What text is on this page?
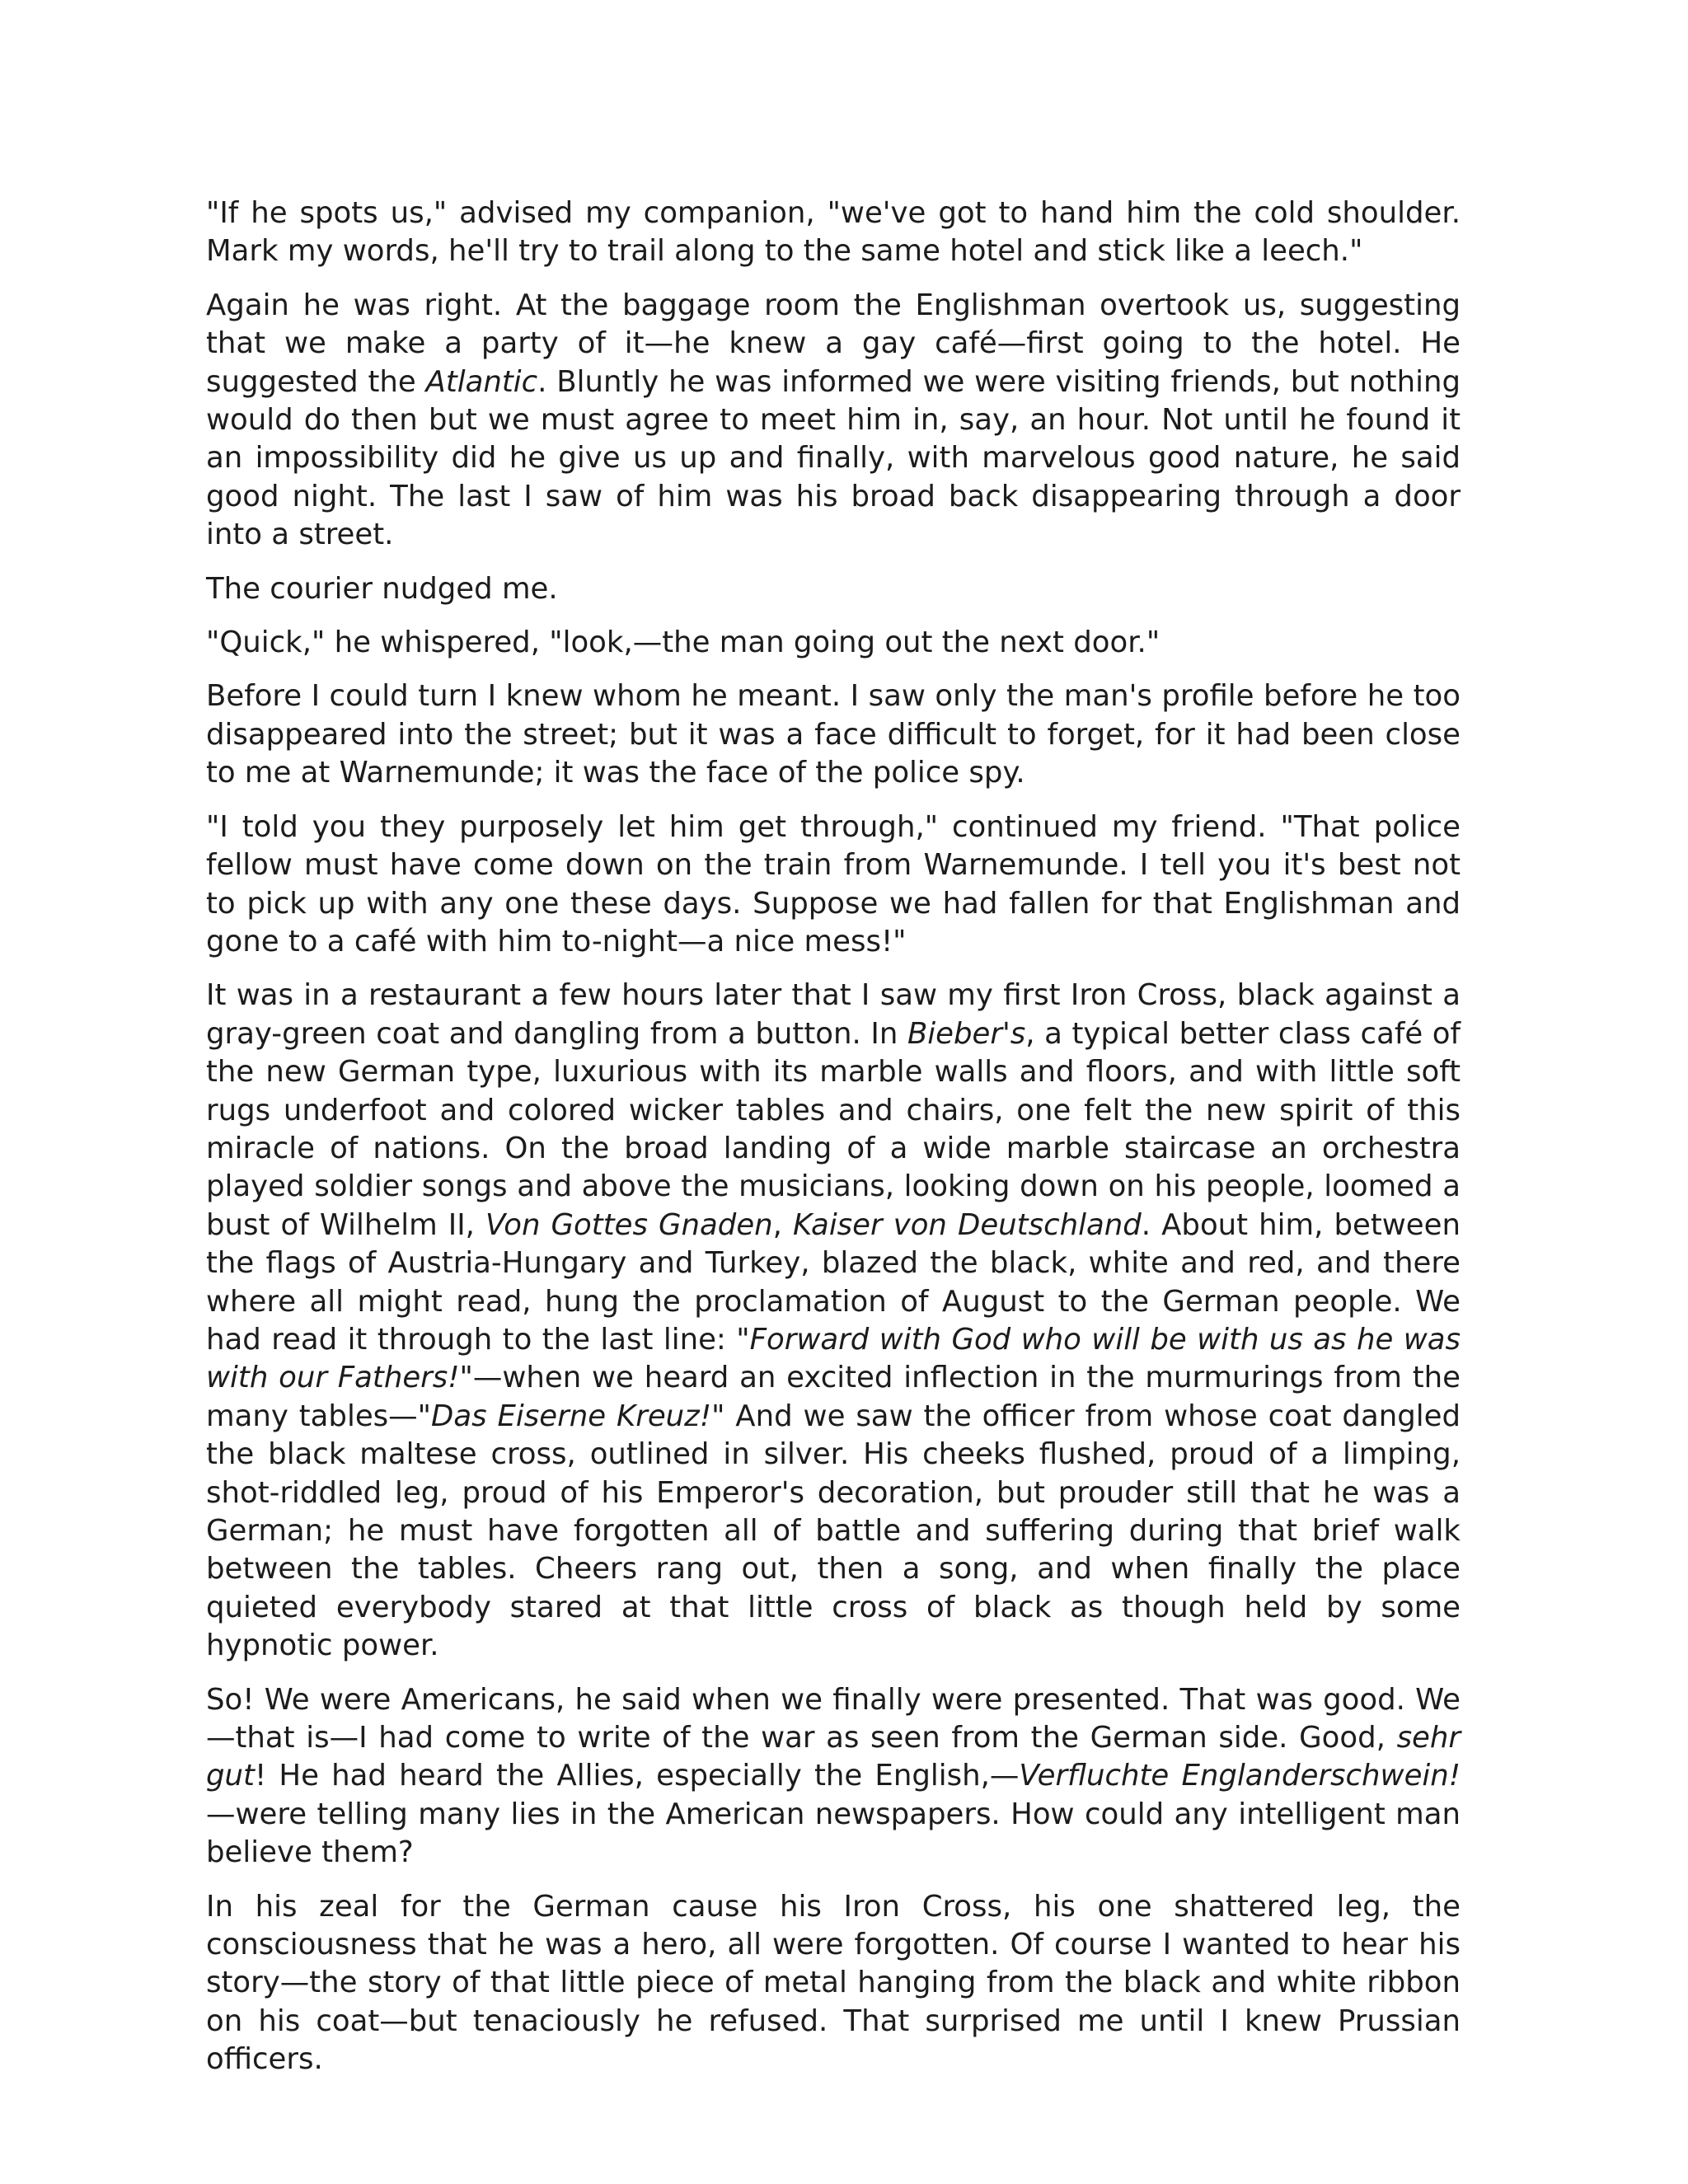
"If he spots us," advised my companion, "we've got to hand him the cold shoulder. Mark my words, he'll try to trail along to the same hotel and stick like a leech."

Again he was right. At the baggage room the Englishman overtook us, suggesting that we make a party of it—he knew a gay café—first going to the hotel. He suggested the Atlantic. Bluntly he was informed we were visiting friends, but nothing would do then but we must agree to meet him in, say, an hour. Not until he found it an impossibility did he give us up and finally, with marvelous good nature, he said good night. The last I saw of him was his broad back disappearing through a door into a street.

The courier nudged me.

"Quick," he whispered, "look,—the man going out the next door."

Before I could turn I knew whom he meant. I saw only the man's profile before he too disappeared into the street; but it was a face difficult to forget, for it had been close to me at Warnemunde; it was the face of the police spy.

"I told you they purposely let him get through," continued my friend. "That police fellow must have come down on the train from Warnemunde. I tell you it's best not to pick up with any one these days. Suppose we had fallen for that Englishman and gone to a café with him to-night—a nice mess!"

It was in a restaurant a few hours later that I saw my first Iron Cross, black against a gray-green coat and dangling from a button. In Bieber's, a typical better class café of the new German type, luxurious with its marble walls and floors, and with little soft rugs underfoot and colored wicker tables and chairs, one felt the new spirit of this miracle of nations. On the broad landing of a wide marble staircase an orchestra played soldier songs and above the musicians, looking down on his people, loomed a bust of Wilhelm II, Von Gottes Gnaden, Kaiser von Deutschland. About him, between the flags of Austria-Hungary and Turkey, blazed the black, white and red, and there where all might read, hung the proclamation of August to the German people. We had read it through to the last line: "Forward with God who will be with us as he was with our Fathers!"—when we heard an excited inflection in the murmurings from the many tables—"Das Eiserne Kreuz!" And we saw the officer from whose coat dangled the black maltese cross, outlined in silver. His cheeks flushed, proud of a limping, shot-riddled leg, proud of his Emperor's decoration, but prouder still that he was a German; he must have forgotten all of battle and suffering during that brief walk between the tables. Cheers rang out, then a song, and when finally the place quieted everybody stared at that little cross of black as though held by some hypnotic power.

So! We were Americans, he said when we finally were presented. That was good. We—that is—I had come to write of the war as seen from the German side. Good, sehr gut! He had heard the Allies, especially the English,—Verfluchte Englanderschwein!—were telling many lies in the American newspapers. How could any intelligent man believe them?

In his zeal for the German cause his Iron Cross, his one shattered leg, the consciousness that he was a hero, all were forgotten. Of course I wanted to hear his story—the story of that little piece of metal hanging from the black and white ribbon on his coat—but tenaciously he refused. That surprised me until I knew Prussian officers.
